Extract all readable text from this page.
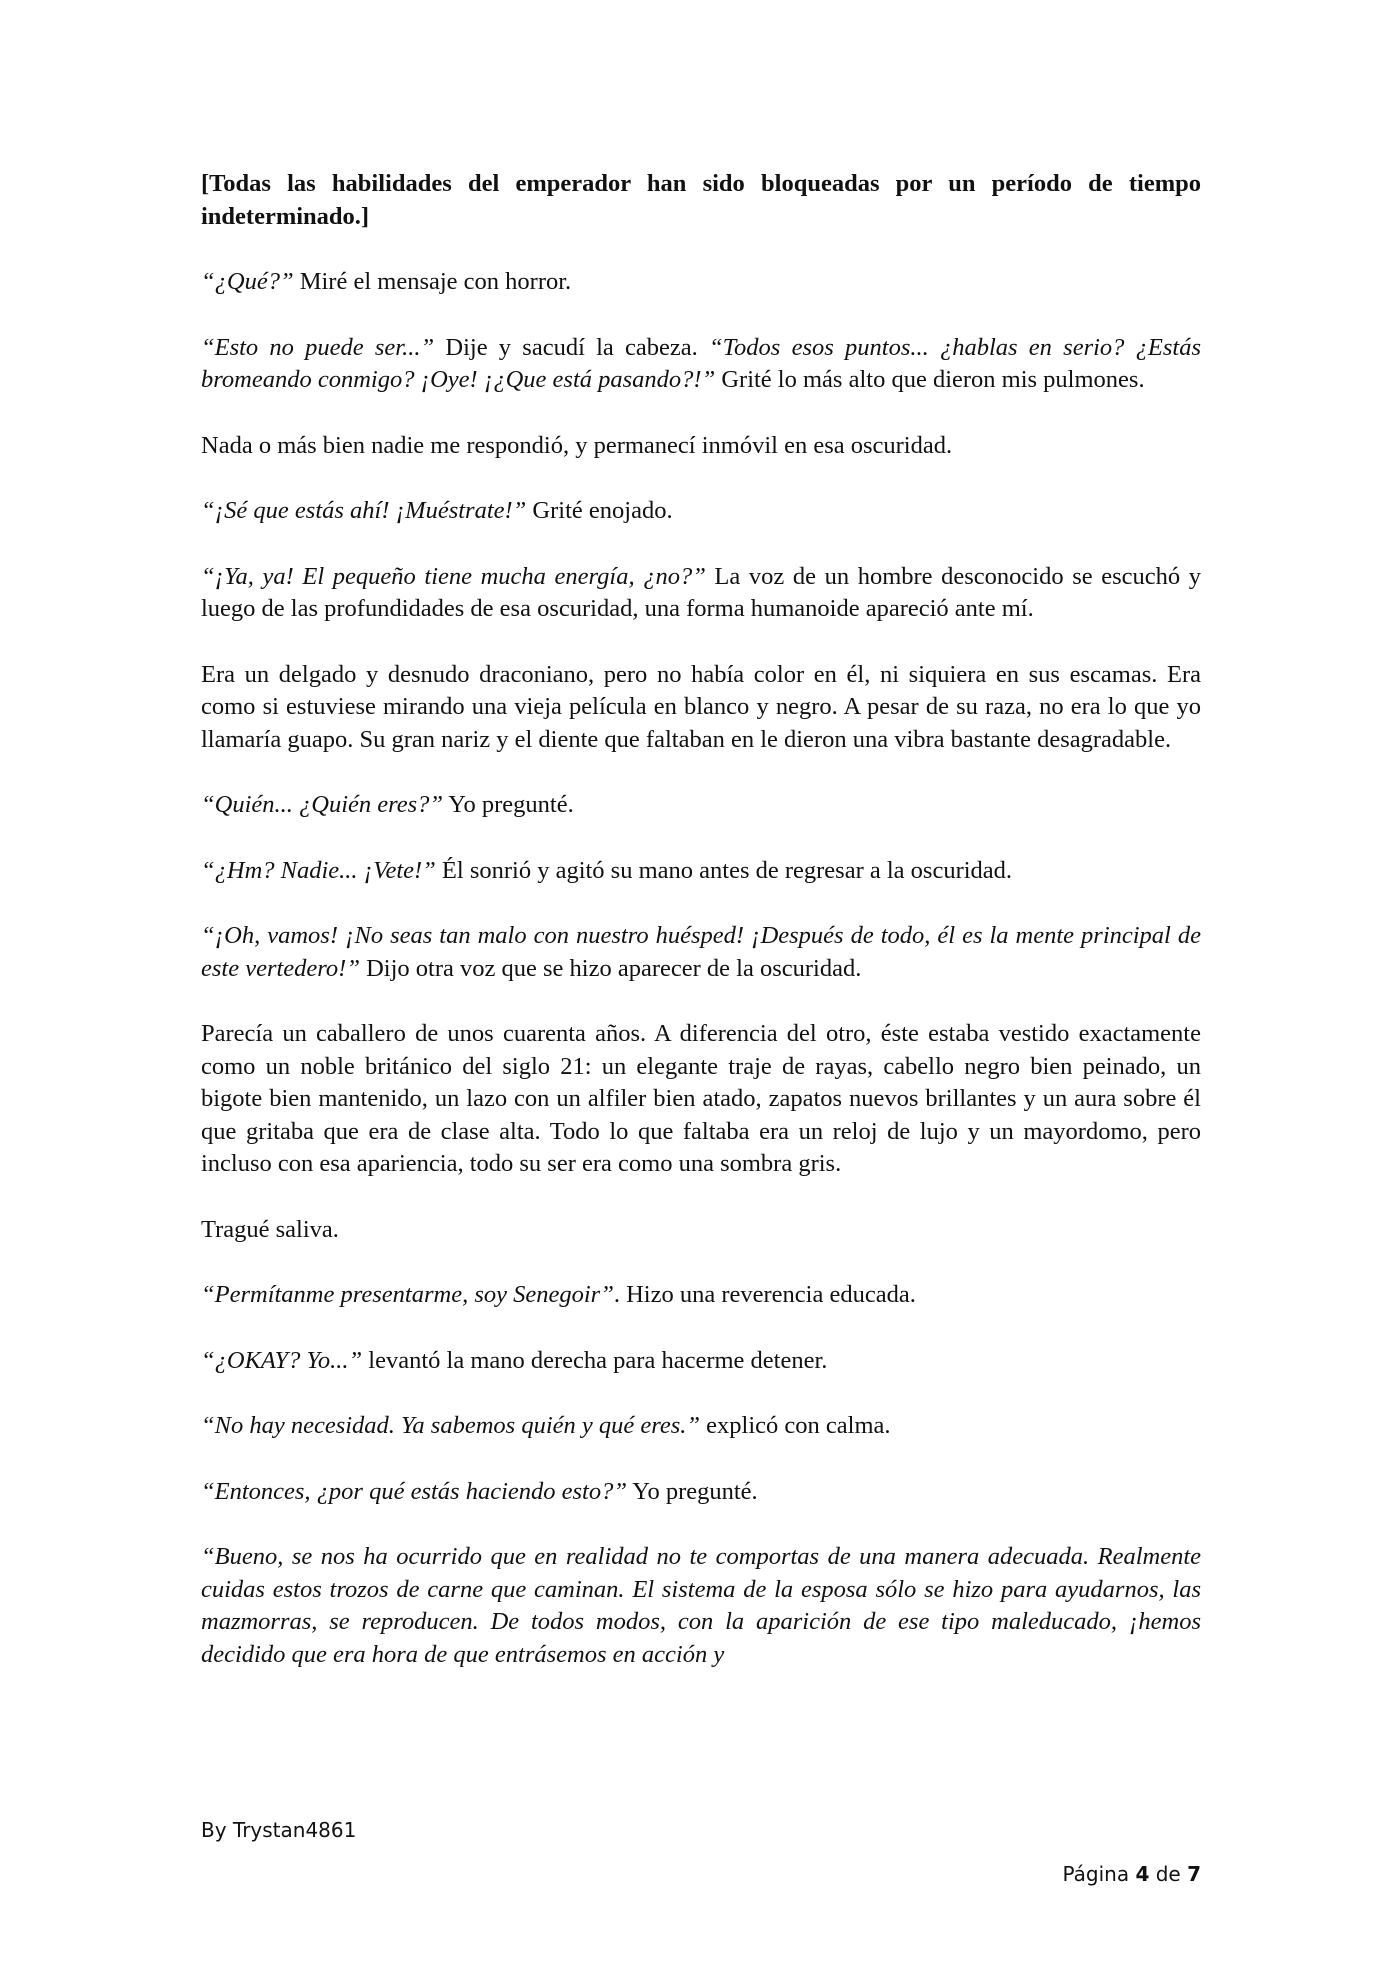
[Todas las habilidades del emperador han sido bloqueadas por un período de tiempo indeterminado.]

“¿Qué?” Miré el mensaje con horror.

“Esto no puede ser...” Dije y sacudí la cabeza. “Todos esos puntos... ¿hablas en serio? ¿Estás bromeando conmigo? ¡Oye! ¡¿Que está pasando?!” Grité lo más alto que dieron mis pulmones.

Nada o más bien nadie me respondió, y permanecí inmóvil en esa oscuridad.

“¡Sé que estás ahí! ¡Muéstrate!” Grité enojado.

“¡Ya, ya! El pequeño tiene mucha energía, ¿no?” La voz de un hombre desconocido se escuchó y luego de las profundidades de esa oscuridad, una forma humanoide apareció ante mí.

Era un delgado y desnudo draconiano, pero no había color en él, ni siquiera en sus escamas. Era como si estuviese mirando una vieja película en blanco y negro. A pesar de su raza, no era lo que yo llamaría guapo. Su gran nariz y el diente que faltaban en le dieron una vibra bastante desagradable.

“Quién... ¿Quién eres?” Yo pregunté.

“¿Hm? Nadie... ¡Vete!” Él sonrió y agitó su mano antes de regresar a la oscuridad.

“¡Oh, vamos! ¡No seas tan malo con nuestro huésped! ¡Después de todo, él es la mente principal de este vertedero!” Dijo otra voz que se hizo aparecer de la oscuridad.

Parecía un caballero de unos cuarenta años. A diferencia del otro, éste estaba vestido exactamente como un noble británico del siglo 21: un elegante traje de rayas, cabello negro bien peinado, un bigote bien mantenido, un lazo con un alfiler bien atado, zapatos nuevos brillantes y un aura sobre él que gritaba que era de clase alta. Todo lo que faltaba era un reloj de lujo y un mayordomo, pero incluso con esa apariencia, todo su ser era como una sombra gris.

Tragué saliva.

“Permítanme presentarme, soy Senegoir”. Hizo una reverencia educada.

“¿OKAY? Yo...” levantó la mano derecha para hacerme detener.

“No hay necesidad. Ya sabemos quién y qué eres.” explicó con calma.

“Entonces, ¿por qué estás haciendo esto?” Yo pregunté.

“Bueno, se nos ha ocurrido que en realidad no te comportas de una manera adecuada. Realmente cuidas estos trozos de carne que caminan. El sistema de la esposa sólo se hizo para ayudarnos, las mazmorras, se reproducen. De todos modos, con la aparición de ese tipo maleducado, ¡hemos decidido que era hora de que entrásemos en acción y

By Trystan4861
Página 4 de 7
